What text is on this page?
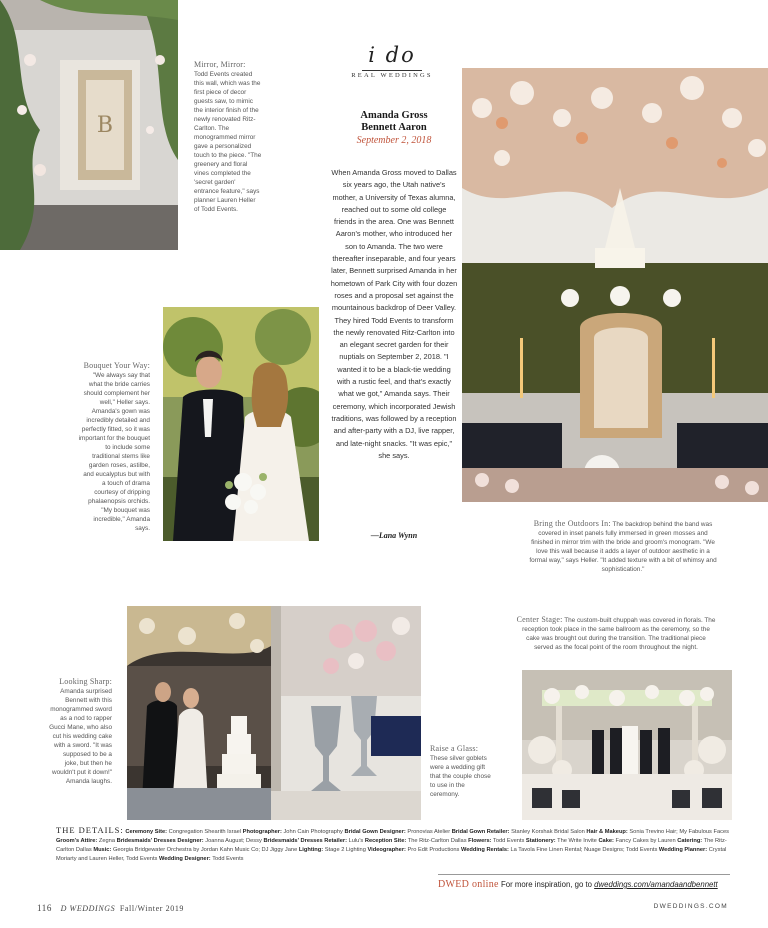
B
Mirror, Mirror:
Todd Events created this wall, which was the first piece of decor guests saw, to mimic the interior finish of the newly renovated Ritz-Carlton. The monogrammed mirror gave a personalized touch to the piece. "The greenery and floral vines completed the 'secret garden' entrance feature," says planner Lauren Heller of Todd Events.
i do
REAL WEDDINGS
Amanda Gross
Bennett Aaron
September 2, 2018
When Amanda Gross moved to Dallas six years ago, the Utah native's mother, a University of Texas alumna, reached out to some old college friends in the area. One was Bennett Aaron's mother, who introduced her son to Amanda. The two were thereafter inseparable, and four years later, Bennett surprised Amanda in her hometown of Park City with four dozen roses and a proposal set against the mountainous backdrop of Deer Valley. They hired Todd Events to transform the newly renovated Ritz-Carlton into an elegant secret garden for their nuptials on September 2, 2018. "I wanted it to be a black-tie wedding with a rustic feel, and that's exactly what we got," Amanda says. Their ceremony, which incorporated Jewish traditions, was followed by a reception and after-party with a DJ, live rapper, and late-night snacks. "It was epic," she says.
—Lana Wynn
Bring the Outdoors In: The backdrop behind the band was covered in inset panels fully immersed in green mosses and finished in mirror trim with the bride and groom's monogram. "We love this wall because it adds a layer of outdoor aesthetic in a formal way," says Heller. "It added texture with a bit of whimsy and sophistication."
Bouquet Your Way:
"We always say that what the bride carries should complement her well," Heller says. Amanda's gown was incredibly detailed and perfectly fitted, so it was important for the bouquet to include some traditional stems like garden roses, astilbe, and eucalyptus but with a touch of drama courtesy of dripping phalaenopsis orchids. "My bouquet was incredible," Amanda says.
Looking Sharp:
Amanda surprised Bennett with this monogrammed sword as a nod to rapper Gucci Mane, who also cut his wedding cake with a sword. "It was supposed to be a joke, but then he wouldn't put it down!" Amanda laughs.
Raise a Glass:
These silver goblets were a wedding gift that the couple chose to use in the ceremony.
Center Stage: The custom-built chuppah was covered in florals. The reception took place in the same ballroom as the ceremony, so the cake was brought out during the transition. The traditional piece served as the focal point of the room throughout the night.
THE DETAILS: Ceremony Site: Congregation Shearith Israel Photographer: John Cain Photography Bridal Gown Designer: Pronovias Atelier Bridal Gown Retailer: Stanley Korshak Bridal Salon Hair & Makeup: Sonia Trevino Hair; My Fabulous Faces Groom's Attire: Zegna Bridesmaids' Dresses Designer: Joanna August; Dessy Bridesmaids' Dresses Retailer: Lulu's Reception Site: The Ritz-Carlton Dallas Flowers: Todd Events Stationery: The Write Invite Cake: Fancy Cakes by Lauren Catering: The Ritz-Carlton Dallas Music: Georgia Bridgewater Orchestra by Jordan Kahn Music Co; DJ Jiggy Jane Lighting: Stage 2 Lighting Videographer: Pro Edit Productions Wedding Rentals: La Tavola Fine Linen Rental; Nuage Designs; Todd Events Wedding Planner: Crystal Moriarty and Lauren Heller, Todd Events Wedding Designer: Todd Events
DWED online For more inspiration, go to dweddings.com/amandaandbennett
116 D WEDDINGS Fall/Winter 2019	DWEDDINGS.COM
